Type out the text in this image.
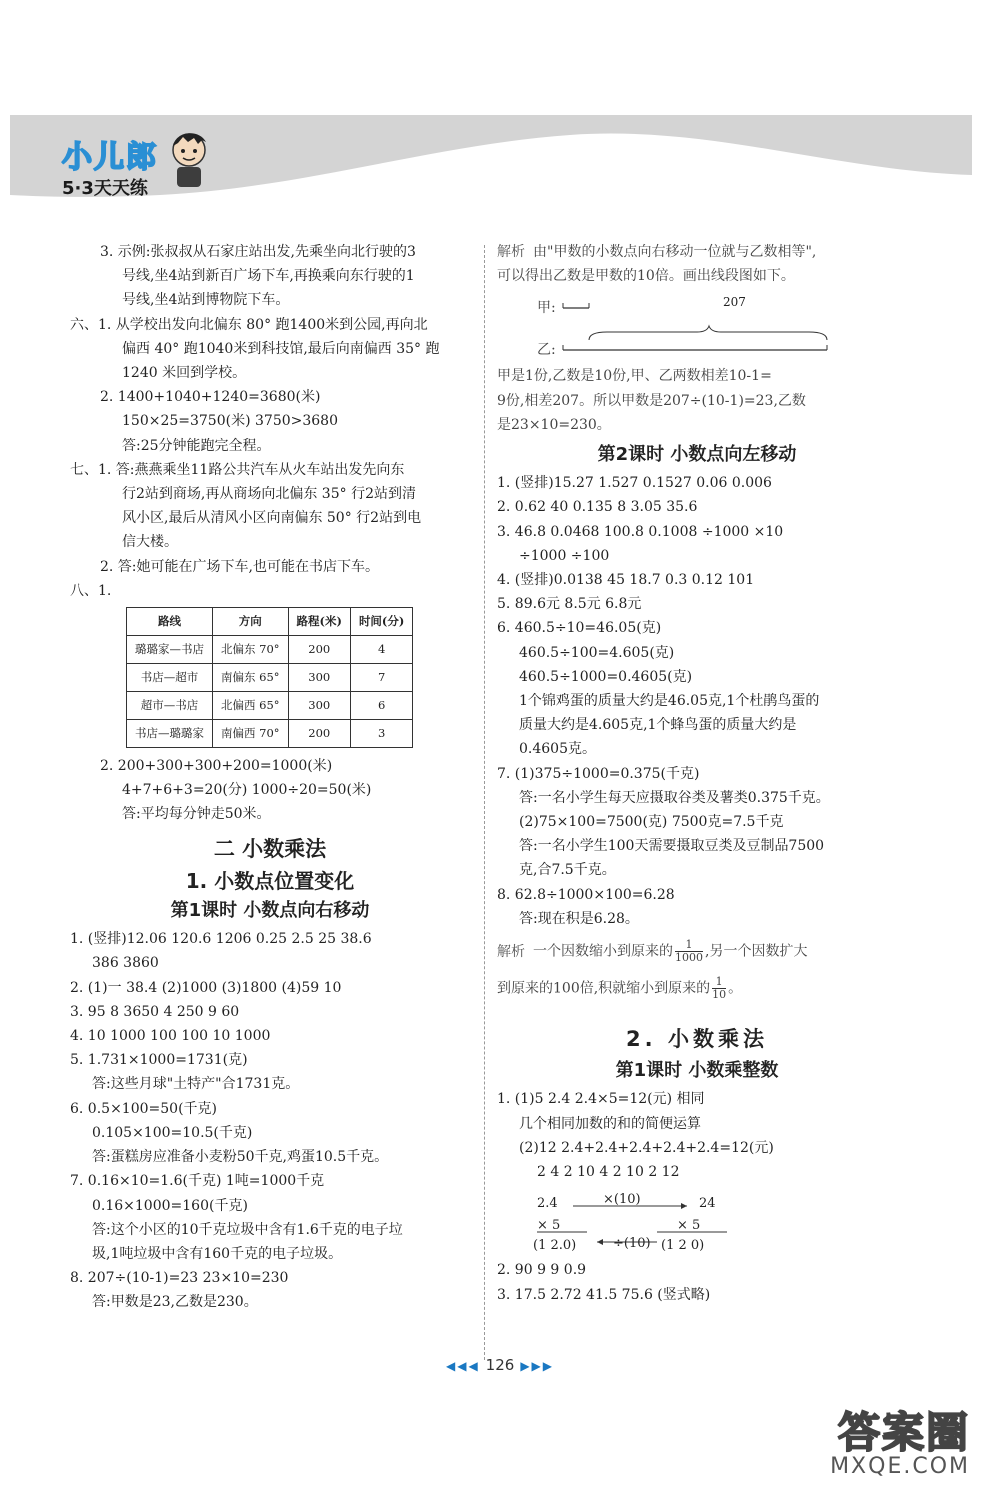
小儿郎
5·3天天练
3. 示例:张叔叔从石家庄站出发,先乘坐向北行驶的3
号线,坐4站到新百广场下车,再换乘向东行驶的1
号线,坐4站到博物院下车。
六、1. 从学校出发向北偏东 80° 跑1400米到公园,再向北
偏西 40° 跑1040米到科技馆,最后向南偏西 35° 跑
1240 米回到学校。
2. 1400+1040+1240=3680(米)
150×25=3750(米) 3750>3680
答:25分钟能跑完全程。
七、1. 答:燕燕乘坐11路公共汽车从火车站出发先向东
行2站到商场,再从商场向北偏东 35° 行2站到清
风小区,最后从清风小区向南偏东 50° 行2站到电
信大楼。
2. 答:她可能在广场下车,也可能在书店下车。
八、1.
路线	方向	路程(米)	时间(分)
璐璐家—书店	北偏东 70°	200	4
书店—超市	南偏东 65°	300	7
超市—书店	北偏西 65°	300	6
书店—璐璐家	南偏西 70°	200	3
2. 200+300+300+200=1000(米)
4+7+6+3=20(分) 1000÷20=50(米)
答:平均每分钟走50米。
二 小数乘法
1. 小数点位置变化
第1课时 小数点向右移动
1. (竖排)12.06 120.6 1206 0.25 2.5 25 38.6
386 3860
2. (1)一 38.4 (2)1000 (3)1800 (4)59 10
3. 95 8 3650 4 250 9 60
4. 10 1000 100 100 10 1000
5. 1.731×1000=1731(克)
答:这些月球"土特产"合1731克。
6. 0.5×100=50(千克)
0.105×100=10.5(千克)
答:蛋糕房应准备小麦粉50千克,鸡蛋10.5千克。
7. 0.16×10=1.6(千克) 1吨=1000千克
0.16×1000=160(千克)
答:这个小区的10千克垃圾中含有1.6千克的电子垃
圾,1吨垃圾中含有160千克的电子垃圾。
8. 207÷(10-1)=23 23×10=230
答:甲数是23,乙数是230。
解析 由"甲数的小数点向右移动一位就与乙数相等",
可以得出乙数是甲数的10倍。画出线段图如下。
甲:	207
乙:
甲是1份,乙数是10份,甲、乙两数相差10-1=
9份,相差207。所以甲数是207÷(10-1)=23,乙数
是23×10=230。
第2课时 小数点向左移动
1. (竖排)15.27 1.527 0.1527 0.06 0.006
2. 0.62 40 0.135 8 3.05 35.6
3. 46.8 0.0468 100.8 0.1008 ÷1000 ×10
÷1000 ÷100
4. (竖排)0.0138 45 18.7 0.3 0.12 101
5. 89.6元 8.5元 6.8元
6. 460.5÷10=46.05(克)
460.5÷100=4.605(克)
460.5÷1000=0.4605(克)
1个锦鸡蛋的质量大约是46.05克,1个杜鹃鸟蛋的
质量大约是4.605克,1个蜂鸟蛋的质量大约是
0.4605克。
7. (1)375÷1000=0.375(千克)
答:一名小学生每天应摄取谷类及薯类0.375千克。
(2)75×100=7500(克) 7500克=7.5千克
答:一名小学生100天需要摄取豆类及豆制品7500
克,合7.5千克。
8. 62.8÷1000×100=6.28
答:现在积是6.28。
解析 一个因数缩小到原来的 $\frac{1}{1000}$ ,另一个因数扩大
到原来的100倍,积就缩小到原来的 $\frac{1}{10}$ 。
2. 小数乘法
第1课时 小数乘整数
1. (1)5 2.4 2.4×5=12(元) 相同
几个相同加数的和的简便运算
(2)12 2.4+2.4+2.4+2.4+2.4=12(元)
2 4 2 10 4 2 10 2 12
2.4	×(10)	24
× 5	× 5
(1 2.0)	÷(10) (1 2 0)
2. 90 9 9 0.9
3. 17.5 2.72 41.5 75.6 (竖式略)
◀◀◀ 126 ▶▶▶
答案圈
MXQE.COM
